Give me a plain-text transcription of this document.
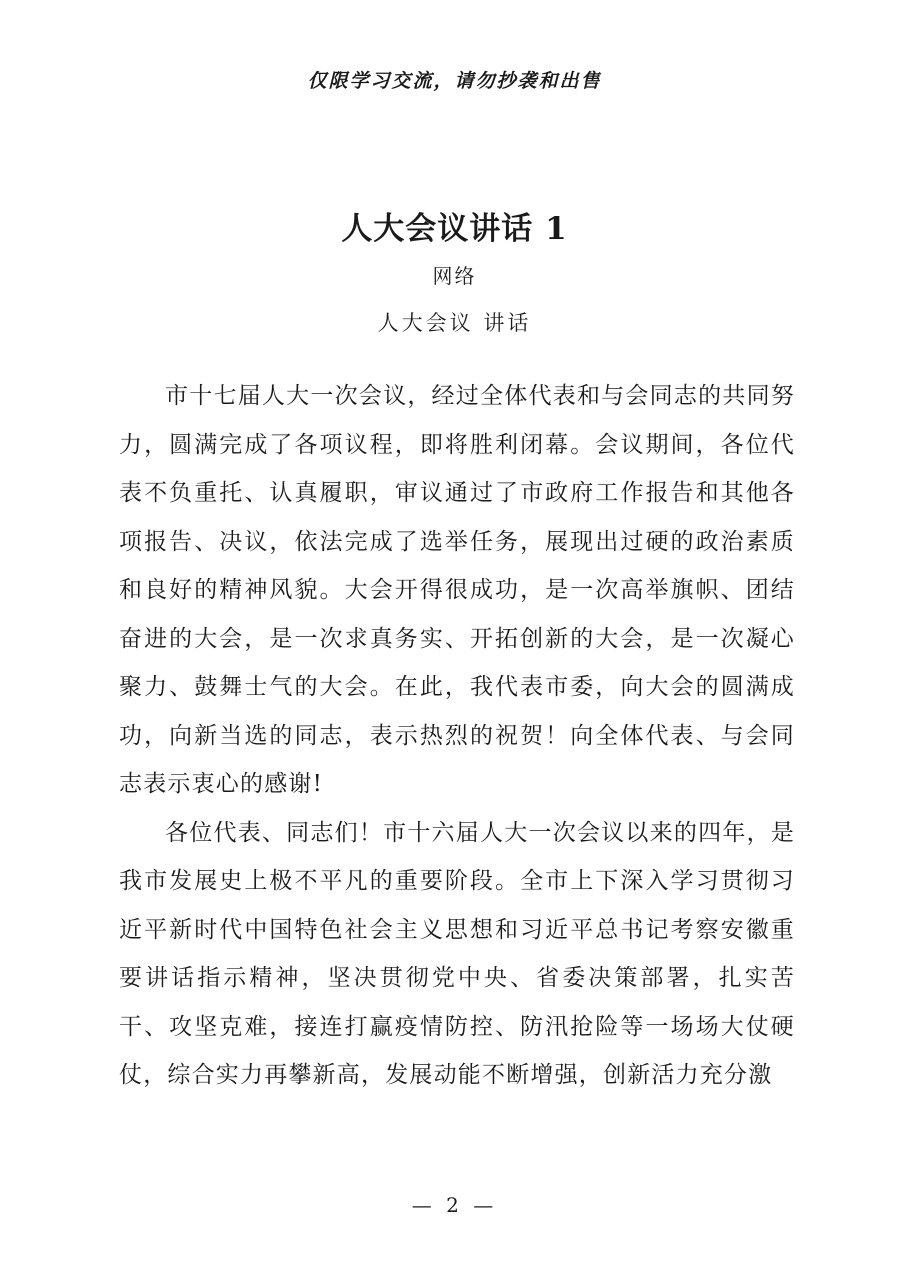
仅限学习交流，请勿抄袭和出售
人大会议讲话 1
网络
人大会议 讲话

市十七届人大一次会议，经过全体代表和与会同志的共同努力，圆满完成了各项议程，即将胜利闭幕。会议期间，各位代表不负重托、认真履职，审议通过了市政府工作报告和其他各项报告、决议，依法完成了选举任务，展现出过硬的政治素质和良好的精神风貌。大会开得很成功，是一次高举旗帜、团结奋进的大会，是一次求真务实、开拓创新的大会，是一次凝心聚力、鼓舞士气的大会。在此，我代表市委，向大会的圆满成功，向新当选的同志，表示热烈的祝贺！向全体代表、与会同志表示衷心的感谢!

各位代表、同志们！市十六届人大一次会议以来的四年，是我市发展史上极不平凡的重要阶段。全市上下深入学习贯彻习近平新时代中国特色社会主义思想和习近平总书记考察安徽重要讲话指示精神，坚决贯彻党中央、省委决策部署，扎实苦干、攻坚克难，接连打赢疫情防控、防汛抢险等一场场大仗硬仗，综合实力再攀新高，发展动能不断增强，创新活力充分激

— 2 —
